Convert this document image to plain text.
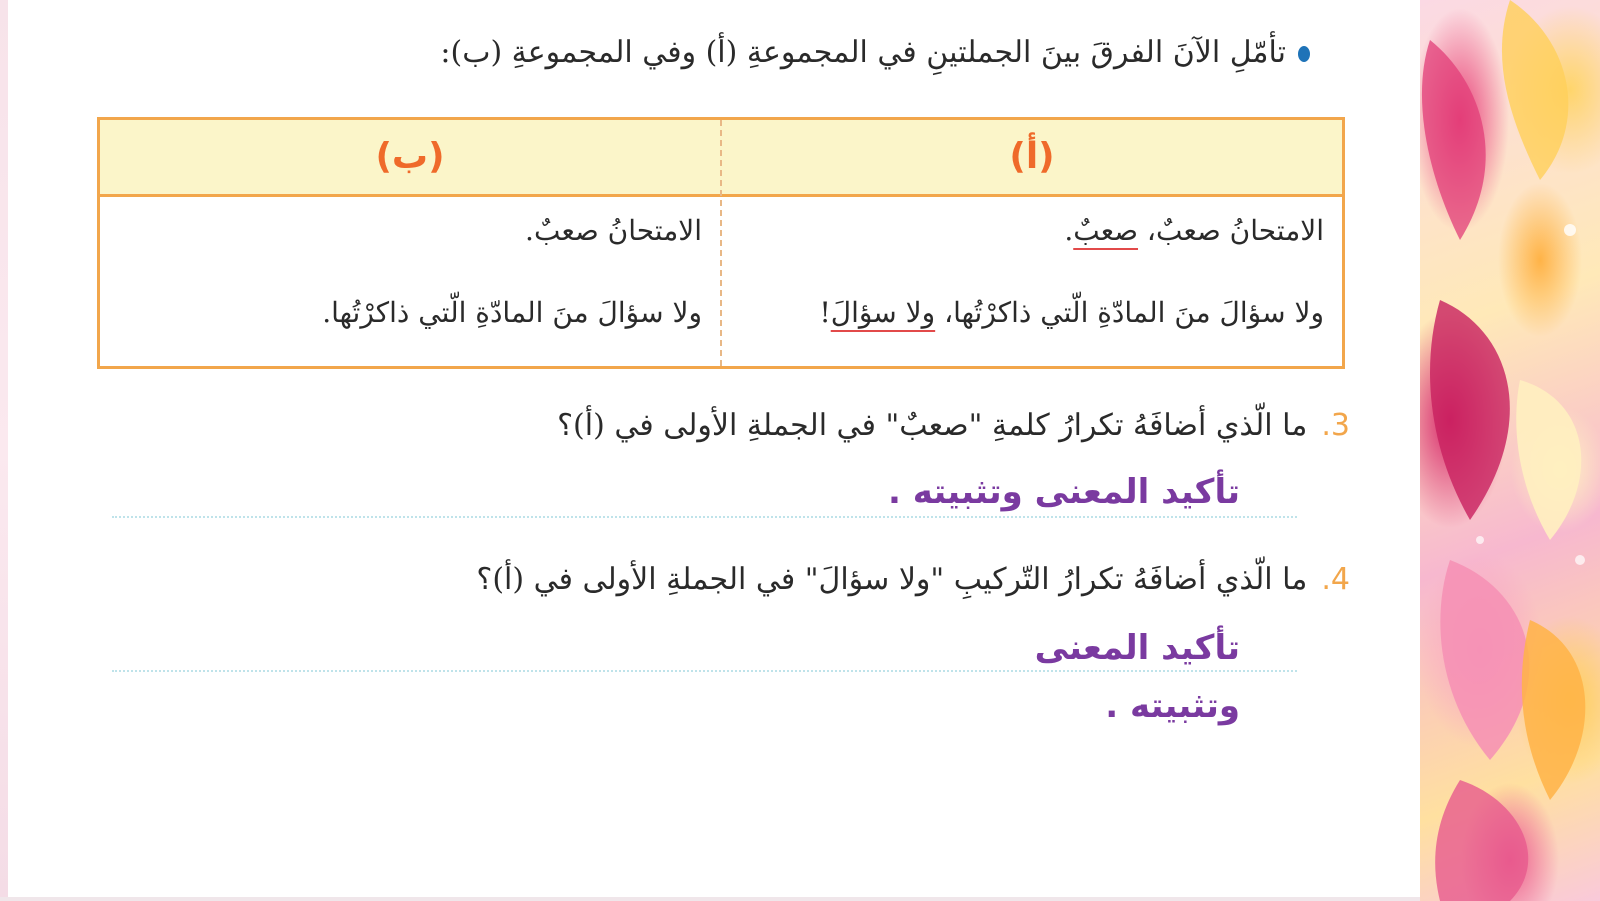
تأمّلِ الآنَ الفرقَ بينَ الجملتينِ في المجموعةِ (أ) وفي المجموعةِ (ب):
(أ)
(ب)
الامتحانُ صعبٌ، صعبٌ.
ولا سؤالَ منَ المادّةِ الّتي ذاكرْتُها، ولا سؤالَ!
الامتحانُ صعبٌ.
ولا سؤالَ منَ المادّةِ الّتي ذاكرْتُها.
3.ما الّذي أضافَهُ تكرارُ كلمةِ "صعبٌ" في الجملةِ الأولى في (أ)؟
تأكيد المعنى وتثبيته .
4.ما الّذي أضافَهُ تكرارُ التّركيبِ "ولا سؤالَ" في الجملةِ الأولى في (أ)؟
تأكيد المعنى
وتثبيته .
